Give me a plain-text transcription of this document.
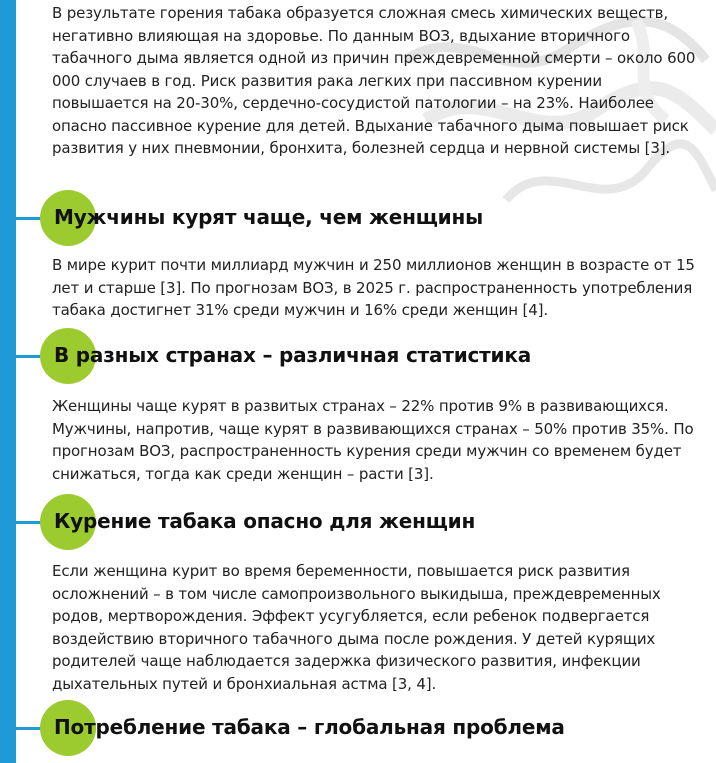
В результате горения табака образуется сложная смесь химических веществ, негативно влияющая на здоровье. По данным ВОЗ, вдыхание вторичного табачного дыма является одной из причин преждевременной смерти – около 600 000 случаев в год. Риск развития рака легких при пассивном курении повышается на 20-30%, сердечно-сосудистой патологии – на 23%. Наиболее опасно пассивное курение для детей. Вдыхание табачного дыма повышает риск развития у них пневмонии, бронхита, болезней сердца и нервной системы [3].

Мужчины курят чаще, чем женщины

В мире курит почти миллиард мужчин и 250 миллионов женщин в возрасте от 15 лет и старше [3]. По прогнозам ВОЗ, в 2025 г. распространенность употребления табака достигнет 31% среди мужчин и 16% среди женщин [4].

В разных странах – различная статистика

Женщины чаще курят в развитых странах – 22% против 9% в развивающихся. Мужчины, напротив, чаще курят в развивающихся странах – 50% против 35%. По прогнозам ВОЗ, распространенность курения среди мужчин со временем будет снижаться, тогда как среди женщин – расти [3].

Курение табака опасно для женщин

Если женщина курит во время беременности, повышается риск развития осложнений – в том числе самопроизвольного выкидыша, преждевременных родов, мертворождения. Эффект усугубляется, если ребенок подвергается воздействию вторичного табачного дыма после рождения. У детей курящих родителей чаще наблюдается задержка физического развития, инфекции дыхательных путей и бронхиальная астма [3, 4].

Потребление табака – глобальная проблема
